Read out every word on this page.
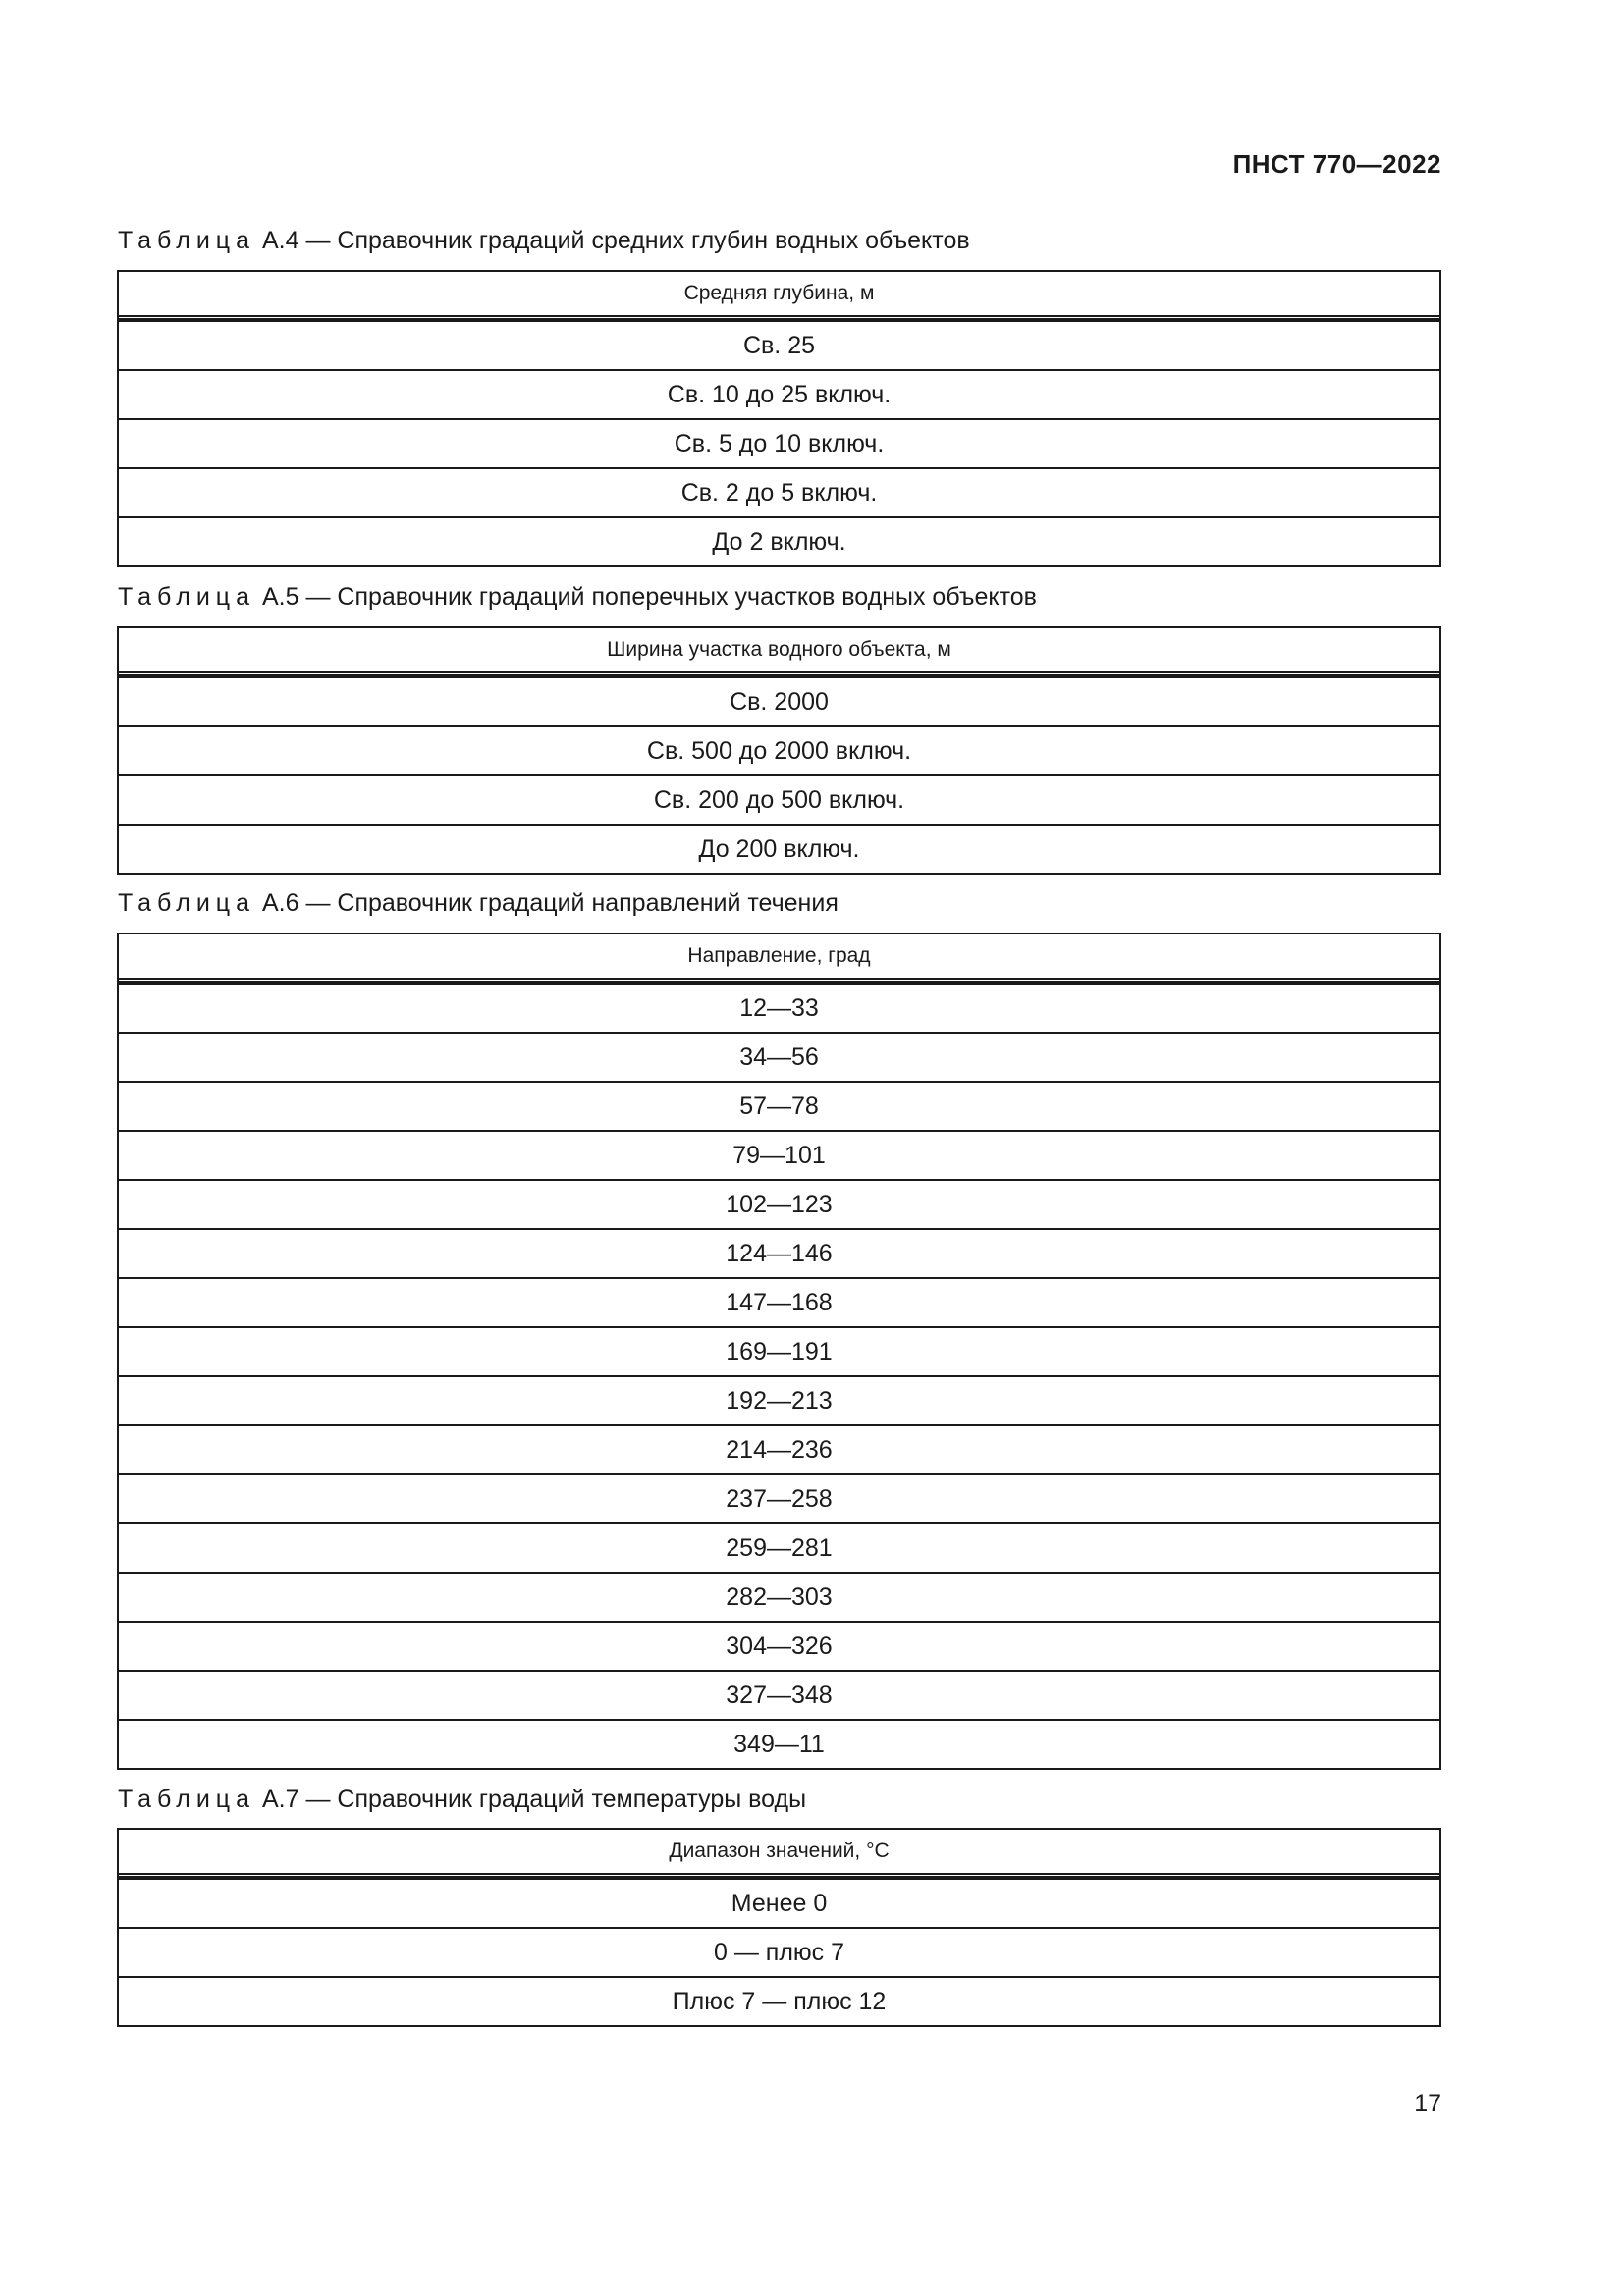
ПНСТ 770—2022
Таблица А.4 — Справочник градаций средних глубин водных объектов
Средняя глубина, м
Св. 25
Св. 10 до 25 включ.
Св. 5 до 10 включ.
Св. 2 до 5 включ.
До 2 включ.
Таблица А.5 — Справочник градаций поперечных участков водных объектов
Ширина участка водного объекта, м
Св. 2000
Св. 500 до 2000 включ.
Св. 200 до 500 включ.
До 200 включ.
Таблица А.6 — Справочник градаций направлений течения
Направление, град
12—33
34—56
57—78
79—101
102—123
124—146
147—168
169—191
192—213
214—236
237—258
259—281
282—303
304—326
327—348
349—11
Таблица А.7 — Справочник градаций температуры воды
Диапазон значений, °С
Менее 0
0 — плюс 7
Плюс 7 — плюс 12
17
